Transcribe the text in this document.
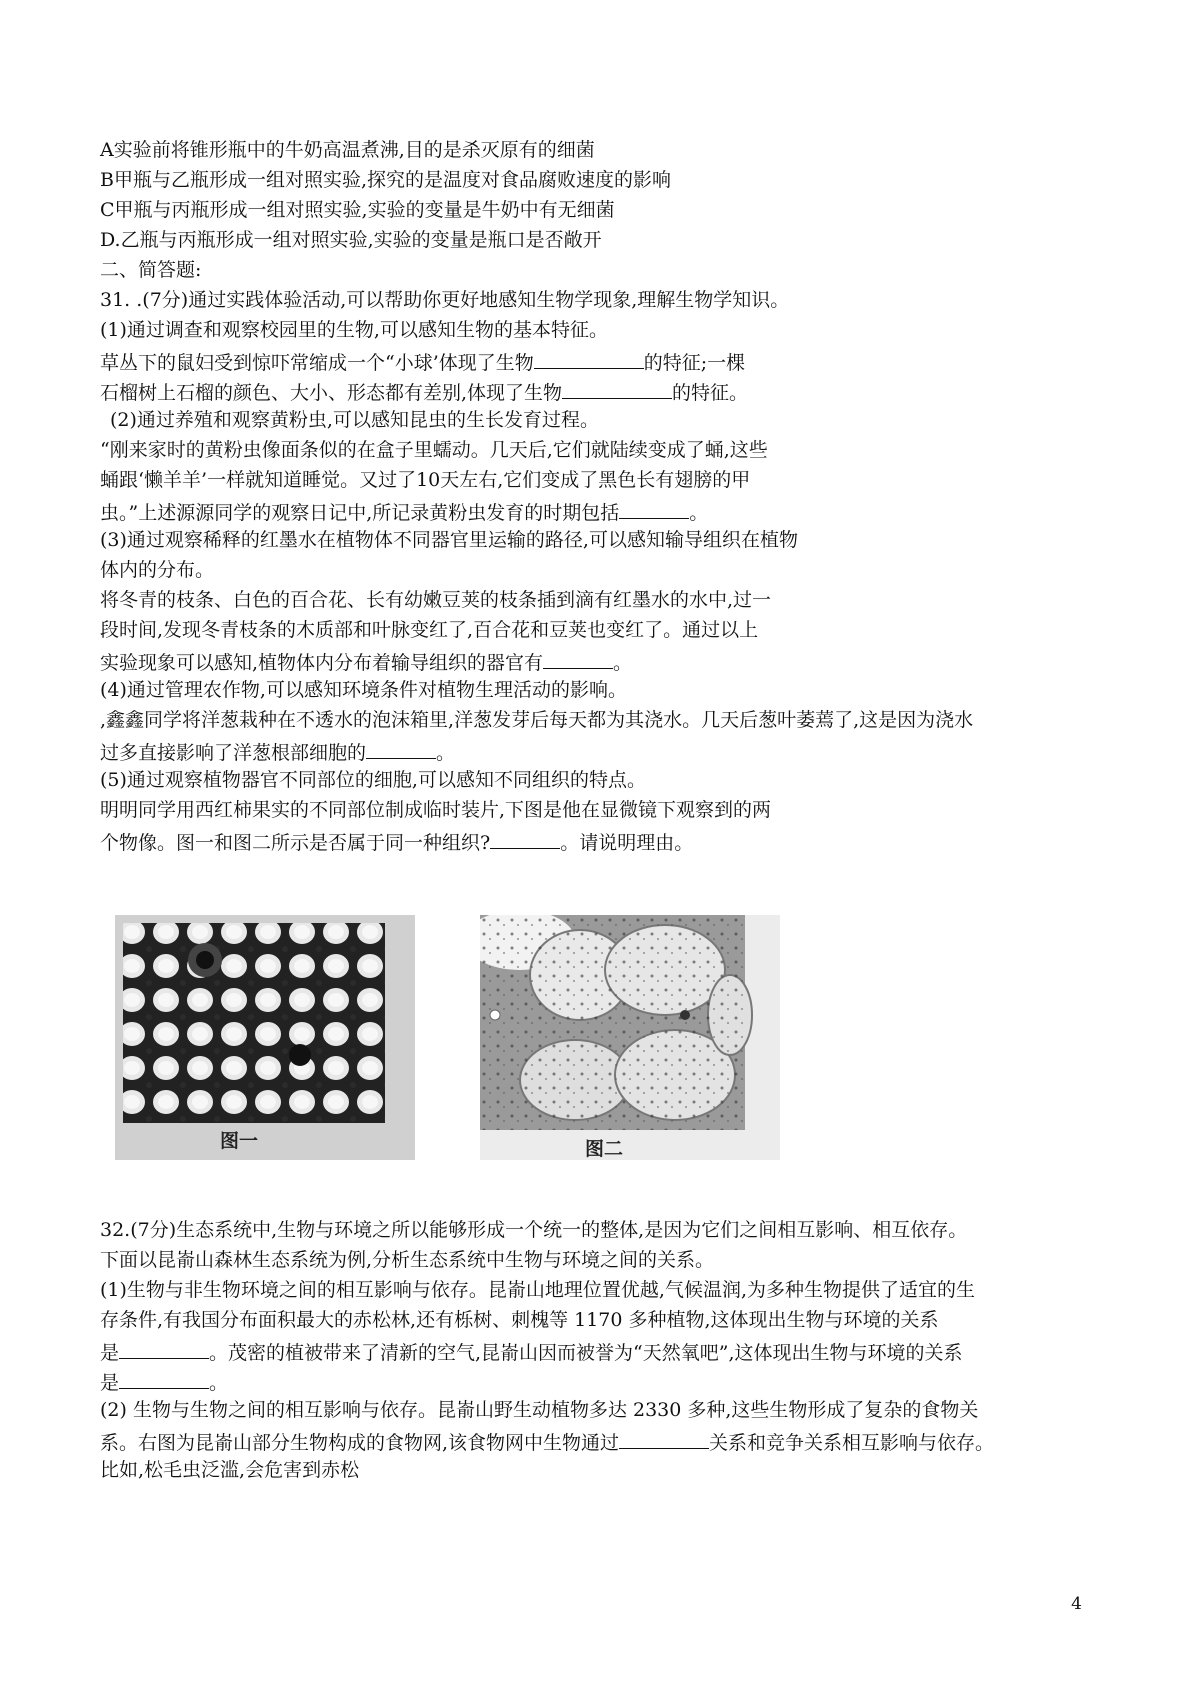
A实验前将锥形瓶中的牛奶高温煮沸,目的是杀灭原有的细菌
B甲瓶与乙瓶形成一组对照实验,探究的是温度对食品腐败速度的影响
C甲瓶与丙瓶形成一组对照实验,实验的变量是牛奶中有无细菌
D.乙瓶与丙瓶形成一组对照实验,实验的变量是瓶口是否敞开
二、简答题:
31. .(7分)通过实践体验活动,可以帮助你更好地感知生物学现象,理解生物学知识。
(1)通过调查和观察校园里的生物,可以感知生物的基本特征。
草丛下的鼠妇受到惊吓常缩成一个“小球’体现了生物	的特征;一棵
石榴树上石榴的颜色、大小、形态都有差别,体现了生物	的特征。
(2)通过养殖和观察黄粉虫,可以感知昆虫的生长发育过程。
“刚来家时的黄粉虫像面条似的在盒子里蠕动。几天后,它们就陆续变成了蛹,这些
蛹跟‘懒羊羊’一样就知道睡觉。又过了10天左右,它们变成了黑色长有翅膀的甲
虫。”上述源源同学的观察日记中,所记录黄粉虫发育的时期包括	。
(3)通过观察稀释的红墨水在植物体不同器官里运输的路径,可以感知输导组织在植物
体内的分布。
将冬青的枝条、白色的百合花、长有幼嫩豆荚的枝条插到滴有红墨水的水中,过一
段时间,发现冬青枝条的木质部和叶脉变红了,百合花和豆荚也变红了。通过以上
实验现象可以感知,植物体内分布着输导组织的器官有	。
(4)通过管理农作物,可以感知环境条件对植物生理活动的影响。
,鑫鑫同学将洋葱栽种在不透水的泡沫箱里,洋葱发芽后每天都为其浇水。几天后葱叶萎蔫了,这是因为浇水
过多直接影响了洋葱根部细胞的	。
(5)通过观察植物器官不同部位的细胞,可以感知不同组织的特点。
明明同学用西红柿果实的不同部位制成临时装片,下图是他在显微镜下观察到的两
个物像。图一和图二所示是否属于同一种组织?	。请说明理由。
图一	图二
32.(7分)生态系统中,生物与环境之所以能够形成一个统一的整体,是因为它们之间相互影响、相互依存。
下面以昆嵛山森林生态系统为例,分析生态系统中生物与环境之间的关系。
(1)生物与非生物环境之间的相互影响与依存。昆嵛山地理位置优越,气候温润,为多种生物提供了适宜的生
存条件,有我国分布面积最大的赤松林,还有栎树、刺槐等 1170 多种植物,这体现出生物与环境的关系
是	。茂密的植被带来了清新的空气,昆嵛山因而被誉为“天然氧吧”,这体现出生物与环境的关系
是	。
(2) 生物与生物之间的相互影响与依存。昆嵛山野生动植物多达 2330 多种,这些生物形成了复杂的食物关
系。右图为昆嵛山部分生物构成的食物网,该食物网中生物通过	关系和竞争关系相互影响与依存。
比如,松毛虫泛滥,会危害到赤松
4
